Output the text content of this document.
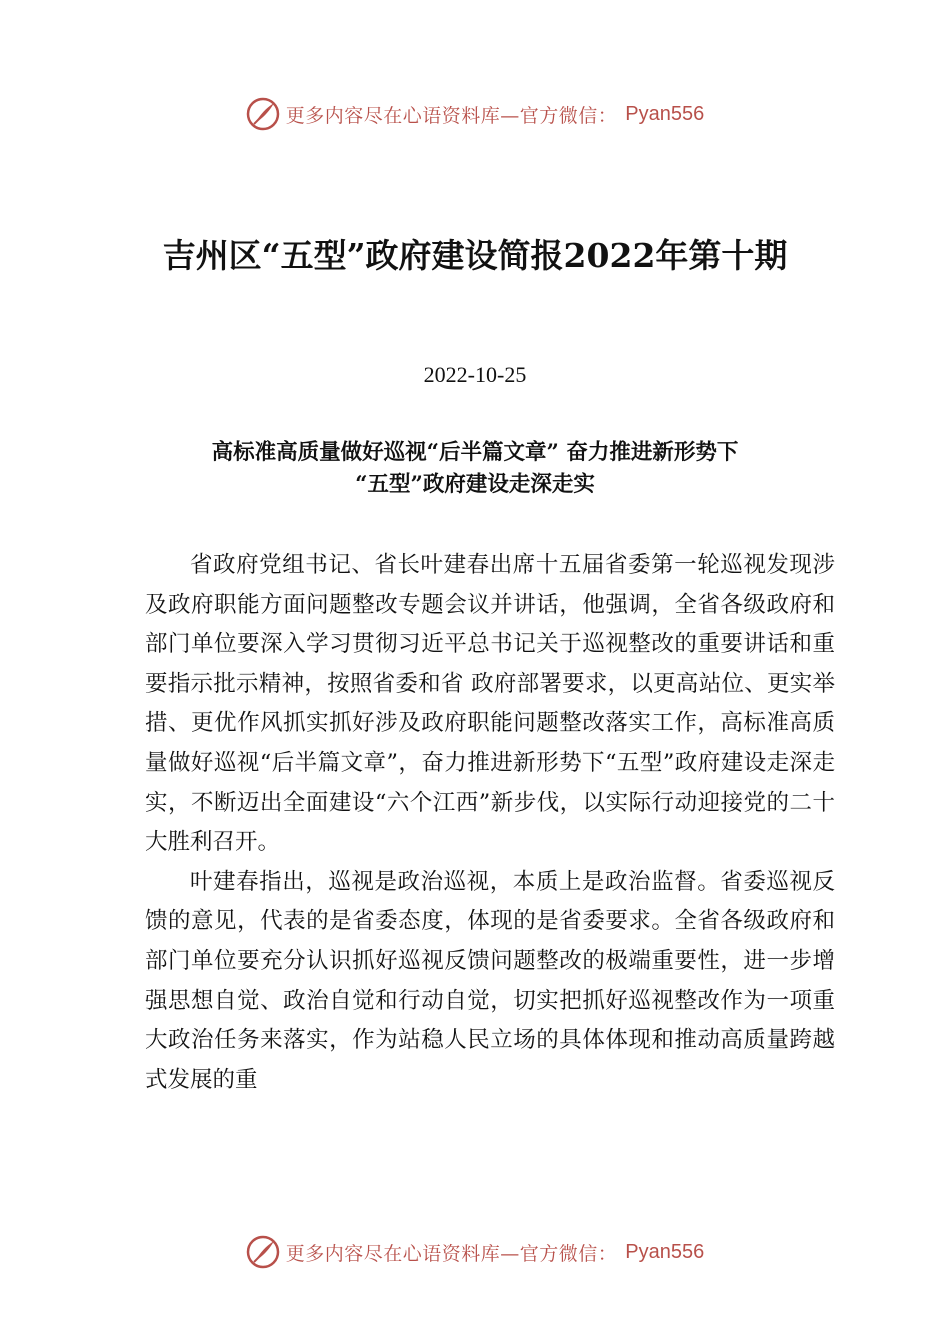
更多内容尽在心语资料库—官方微信： Pyan556
吉州区“五型”政府建设简报2022年第十期
2022-10-25
高标准高质量做好巡视“后半篇文章” 奋力推进新形势下
“五型”政府建设走深走实

省政府党组书记、省长叶建春出席十五届省委第一轮巡视发现涉及政府职能方面问题整改专题会议并讲话，他强调，全省各级政府和部门单位要深入学习贯彻习近平总书记关于巡视整改的重要讲话和重要指示批示精神，按照省委和省 政府部署要求，以更高站位、更实举措、更优作风抓实抓好涉及政府职能问题整改落实工作，高标准高质量做好巡视“后半篇文章”，奋力推进新形势下“五型”政府建设走深走 实，不断迈出全面建设“六个江西”新步伐，以实际行动迎接党的二十大胜利召开。

叶建春指出，巡视是政治巡视，本质上是政治监督。省委巡视反馈的意见，代表的是省委态度，体现的是省委要求。全省各级政府和部门单位要充分认识抓好巡视反馈问题整改的极端重要性，进一步增强思想自觉、政治自觉和行动自觉，切实把抓好巡视整改作为一项重大政治任务来落实，作为站稳人民立场的具体体现和推动高质量跨越式发展的重

更多内容尽在心语资料库—官方微信： Pyan556
